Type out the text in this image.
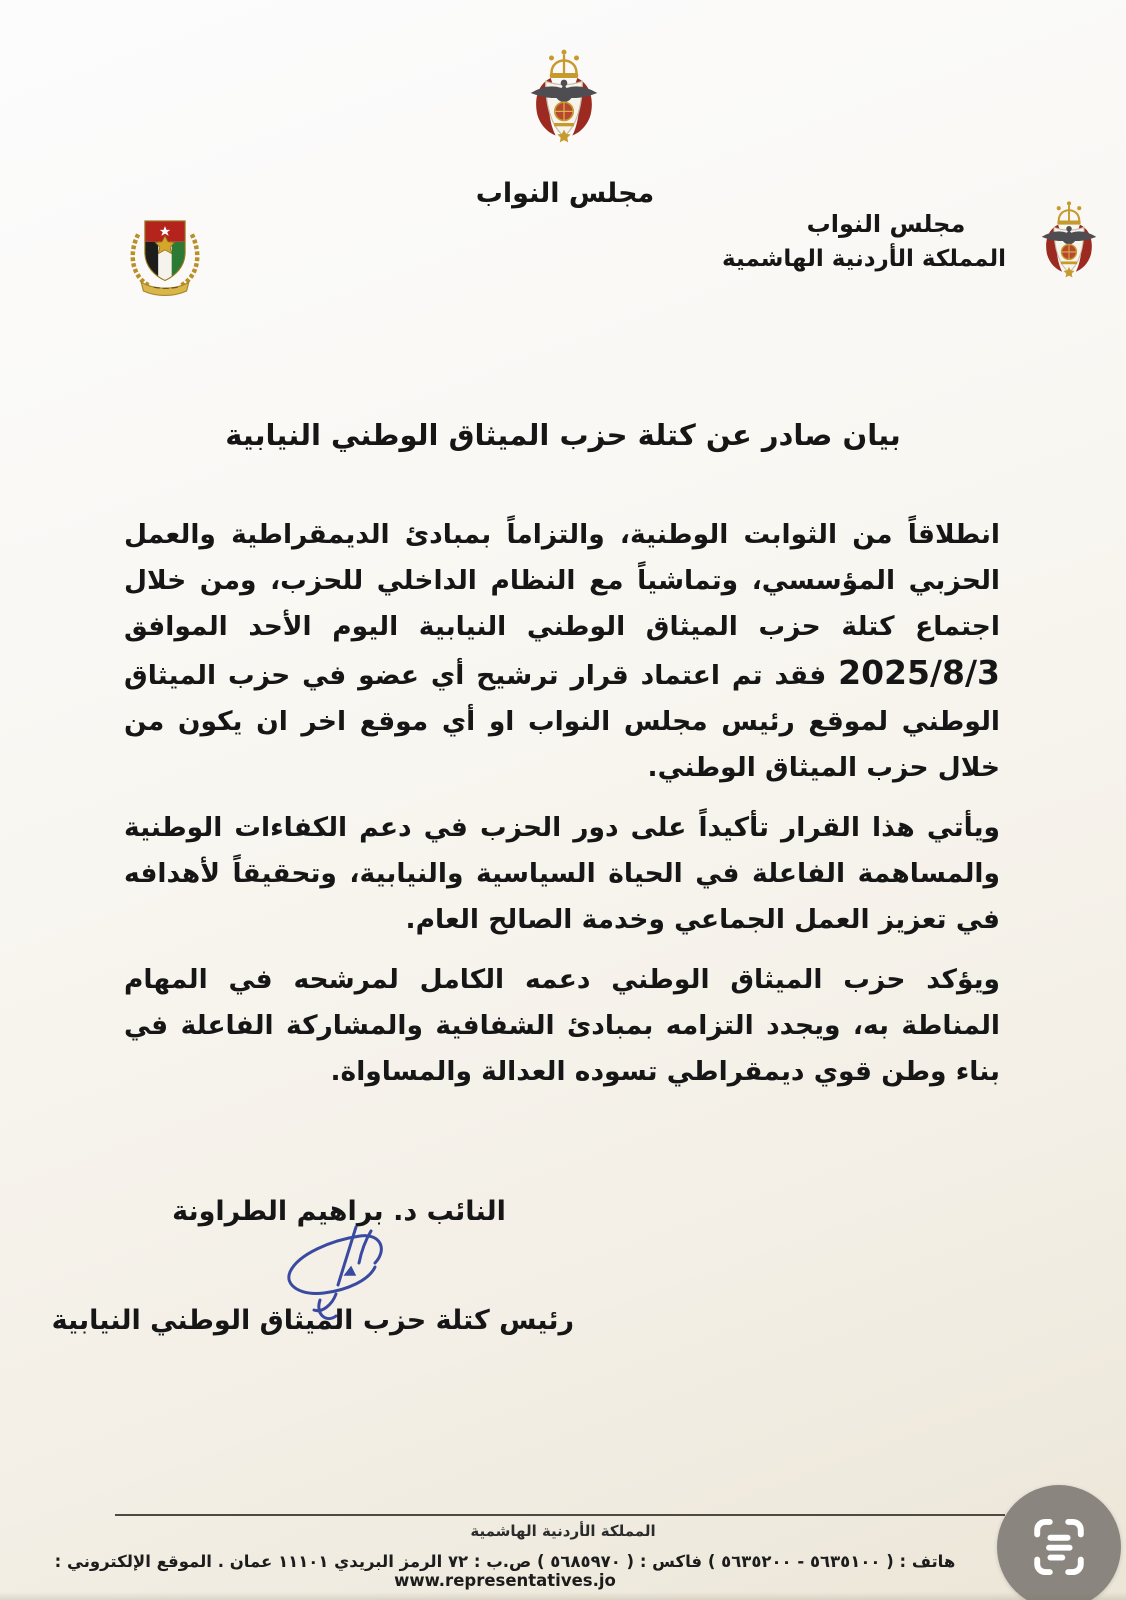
مجلس النواب
مجلس النواب
المملكة الأردنية الهاشمية
بيان صادر عن كتلة حزب الميثاق الوطني النيابية

انطلاقاً من الثوابت الوطنية، والتزاماً بمبادئ الديمقراطية والعمل الحزبي المؤسسي، وتماشياً مع النظام الداخلي للحزب، ومن خلال اجتماع كتلة حزب الميثاق الوطني النيابية اليوم الأحد الموافق 2025/8/3 فقد تم اعتماد قرار ترشيح أي عضو في حزب الميثاق الوطني لموقع رئيس مجلس النواب او أي موقع اخر ان يكون من خلال حزب الميثاق الوطني.

ويأتي هذا القرار تأكيداً على دور الحزب في دعم الكفاءات الوطنية والمساهمة الفاعلة في الحياة السياسية والنيابية، وتحقيقاً لأهدافه في تعزيز العمل الجماعي وخدمة الصالح العام.

ويؤكد حزب الميثاق الوطني دعمه الكامل لمرشحه في المهام المناطة به، ويجدد التزامه بمبادئ الشفافية والمشاركة الفاعلة في بناء وطن قوي ديمقراطي تسوده العدالة والمساواة.

النائب د. براهيم الطراونة
رئيس كتلة حزب الميثاق الوطني النيابية
المملكة الأردنية الهاشمية
هاتف : ( ٥٦٣٥١٠٠ - ٥٦٣٥٢٠٠ ) فاكس : ( ٥٦٨٥٩٧٠ ) ص.ب : ٧٢ الرمز البريدي ١١١٠١ عمان . الموقع الإلكتروني : www.representatives.jo
